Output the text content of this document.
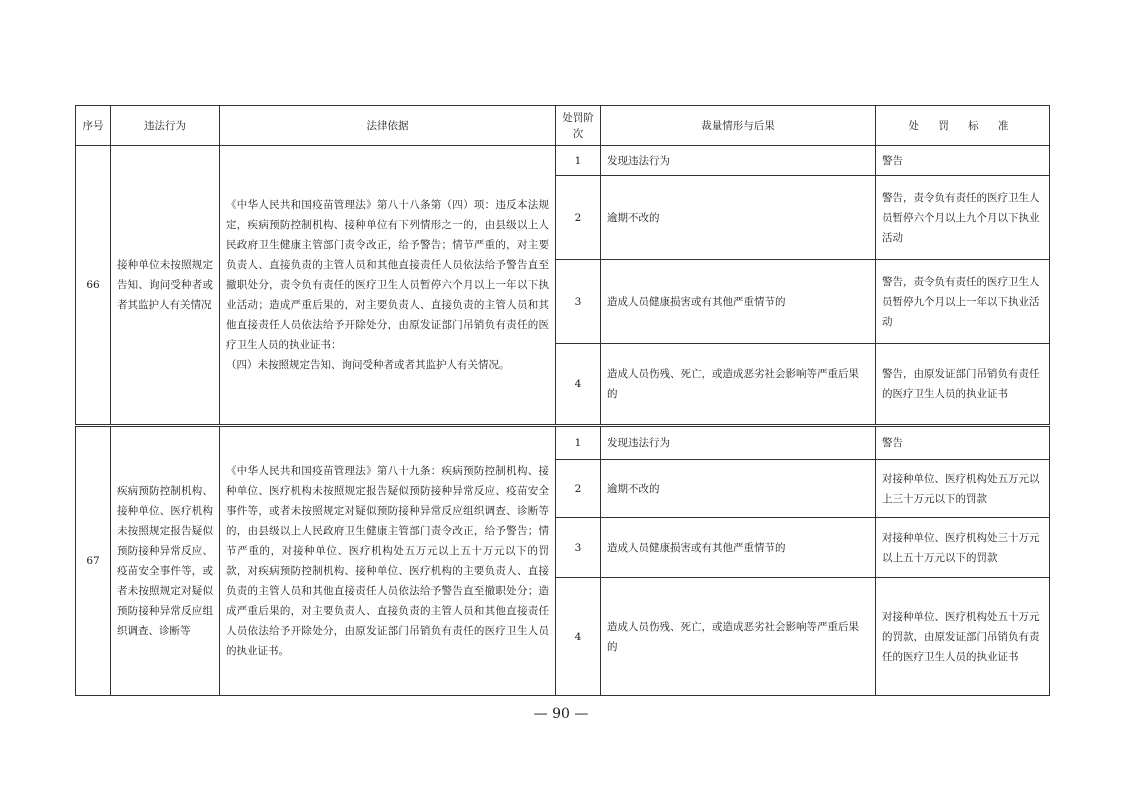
序号	违法行为	法律依据	处罚阶次	裁量情形与后果	处 罚 标 准
66	接种单位未按照规定告知、询问受种者或者其监护人有关情况	《中华人民共和国疫苗管理法》第八十八条第（四）项：违反本法规定，疾病预防控制机构、接种单位有下列情形之一的，由县级以上人民政府卫生健康主管部门责令改正，给予警告；情节严重的，对主要负责人、直接负责的主管人员和其他直接责任人员依法给予警告直至撤职处分，责令负有责任的医疗卫生人员暂停六个月以上一年以下执业活动；造成严重后果的，对主要负责人、直接负责的主管人员和其他直接责任人员依法给予开除处分，由原发证部门吊销负有责任的医疗卫生人员的执业证书：
（四）未按照规定告知、询问受种者或者其监护人有关情况。	1	发现违法行为	警告
			2	逾期不改的	警告，责令负有责任的医疗卫生人员暂停六个月以上九个月以下执业活动
			3	造成人员健康损害或有其他严重情节的	警告，责令负有责任的医疗卫生人员暂停九个月以上一年以下执业活动
			4	造成人员伤残、死亡，或造成恶劣社会影响等严重后果的	警告，由原发证部门吊销负有责任的医疗卫生人员的执业证书
67	疾病预防控制机构、接种单位、医疗机构未按照规定报告疑似预防接种异常反应、疫苗安全事件等，或者未按照规定对疑似预防接种异常反应组织调查、诊断等	《中华人民共和国疫苗管理法》第八十九条：疾病预防控制机构、接种单位、医疗机构未按照规定报告疑似预防接种异常反应、疫苗安全事件等，或者未按照规定对疑似预防接种异常反应组织调查、诊断等的，由县级以上人民政府卫生健康主管部门责令改正，给予警告；情节严重的，对接种单位、医疗机构处五万元以上五十万元以下的罚款，对疾病预防控制机构、接种单位、医疗机构的主要负责人、直接负责的主管人员和其他直接责任人员依法给予警告直至撤职处分；造成严重后果的，对主要负责人、直接负责的主管人员和其他直接责任人员依法给予开除处分，由原发证部门吊销负有责任的医疗卫生人员的执业证书。	1	发现违法行为	警告
			2	逾期不改的	对接种单位、医疗机构处五万元以上三十万元以下的罚款
			3	造成人员健康损害或有其他严重情节的	对接种单位、医疗机构处三十万元以上五十万元以下的罚款
			4	造成人员伤残、死亡，或造成恶劣社会影响等严重后果的	对接种单位、医疗机构处五十万元的罚款，由原发证部门吊销负有责任的医疗卫生人员的执业证书
— 90 —
